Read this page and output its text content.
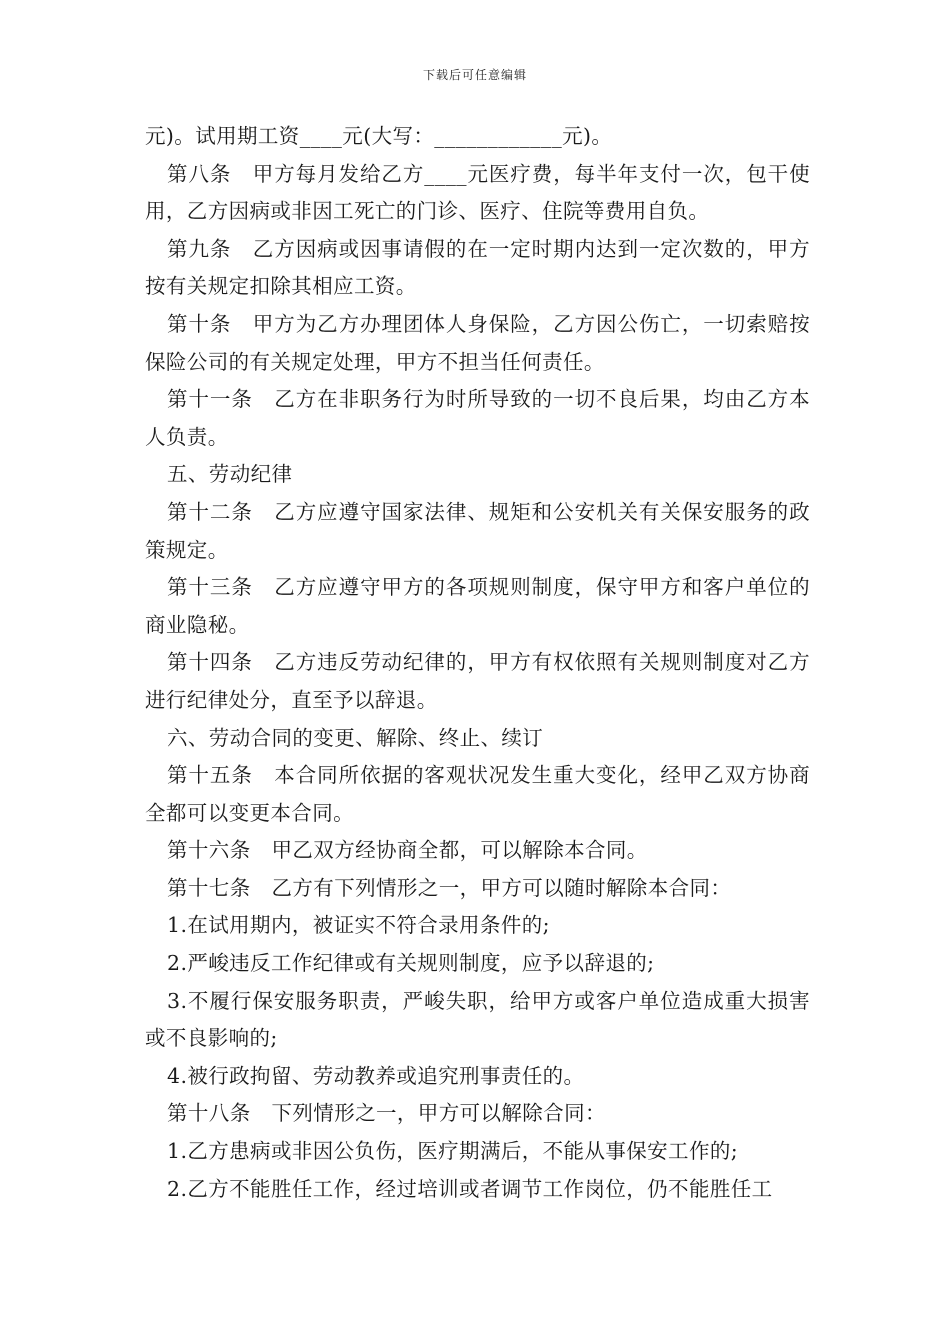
下载后可任意编辑

元)。试用期工资____元(大写：____________元)。

第八条　甲方每月发给乙方____元医疗费，每半年支付一次，包干使用，乙方因病或非因工死亡的门诊、医疗、住院等费用自负。

第九条　乙方因病或因事请假的在一定时期内达到一定次数的，甲方按有关规定扣除其相应工资。

第十条　甲方为乙方办理团体人身保险，乙方因公伤亡，一切索赔按保险公司的有关规定处理，甲方不担当任何责任。

第十一条　乙方在非职务行为时所导致的一切不良后果，均由乙方本人负责。

五、劳动纪律

第十二条　乙方应遵守国家法律、规矩和公安机关有关保安服务的政策规定。

第十三条　乙方应遵守甲方的各项规则制度，保守甲方和客户单位的商业隐秘。

第十四条　乙方违反劳动纪律的，甲方有权依照有关规则制度对乙方进行纪律处分，直至予以辞退。

六、劳动合同的变更、解除、终止、续订

第十五条　本合同所依据的客观状况发生重大变化，经甲乙双方协商全都可以变更本合同。

第十六条　甲乙双方经协商全都，可以解除本合同。

第十七条　乙方有下列情形之一，甲方可以随时解除本合同：

1.在试用期内，被证实不符合录用条件的;

2.严峻违反工作纪律或有关规则制度，应予以辞退的;

3.不履行保安服务职责，严峻失职，给甲方或客户单位造成重大损害或不良影响的;

4.被行政拘留、劳动教养或追究刑事责任的。

第十八条　下列情形之一，甲方可以解除合同：

1.乙方患病或非因公负伤，医疗期满后，不能从事保安工作的;

2.乙方不能胜任工作，经过培训或者调节工作岗位，仍不能胜任工
